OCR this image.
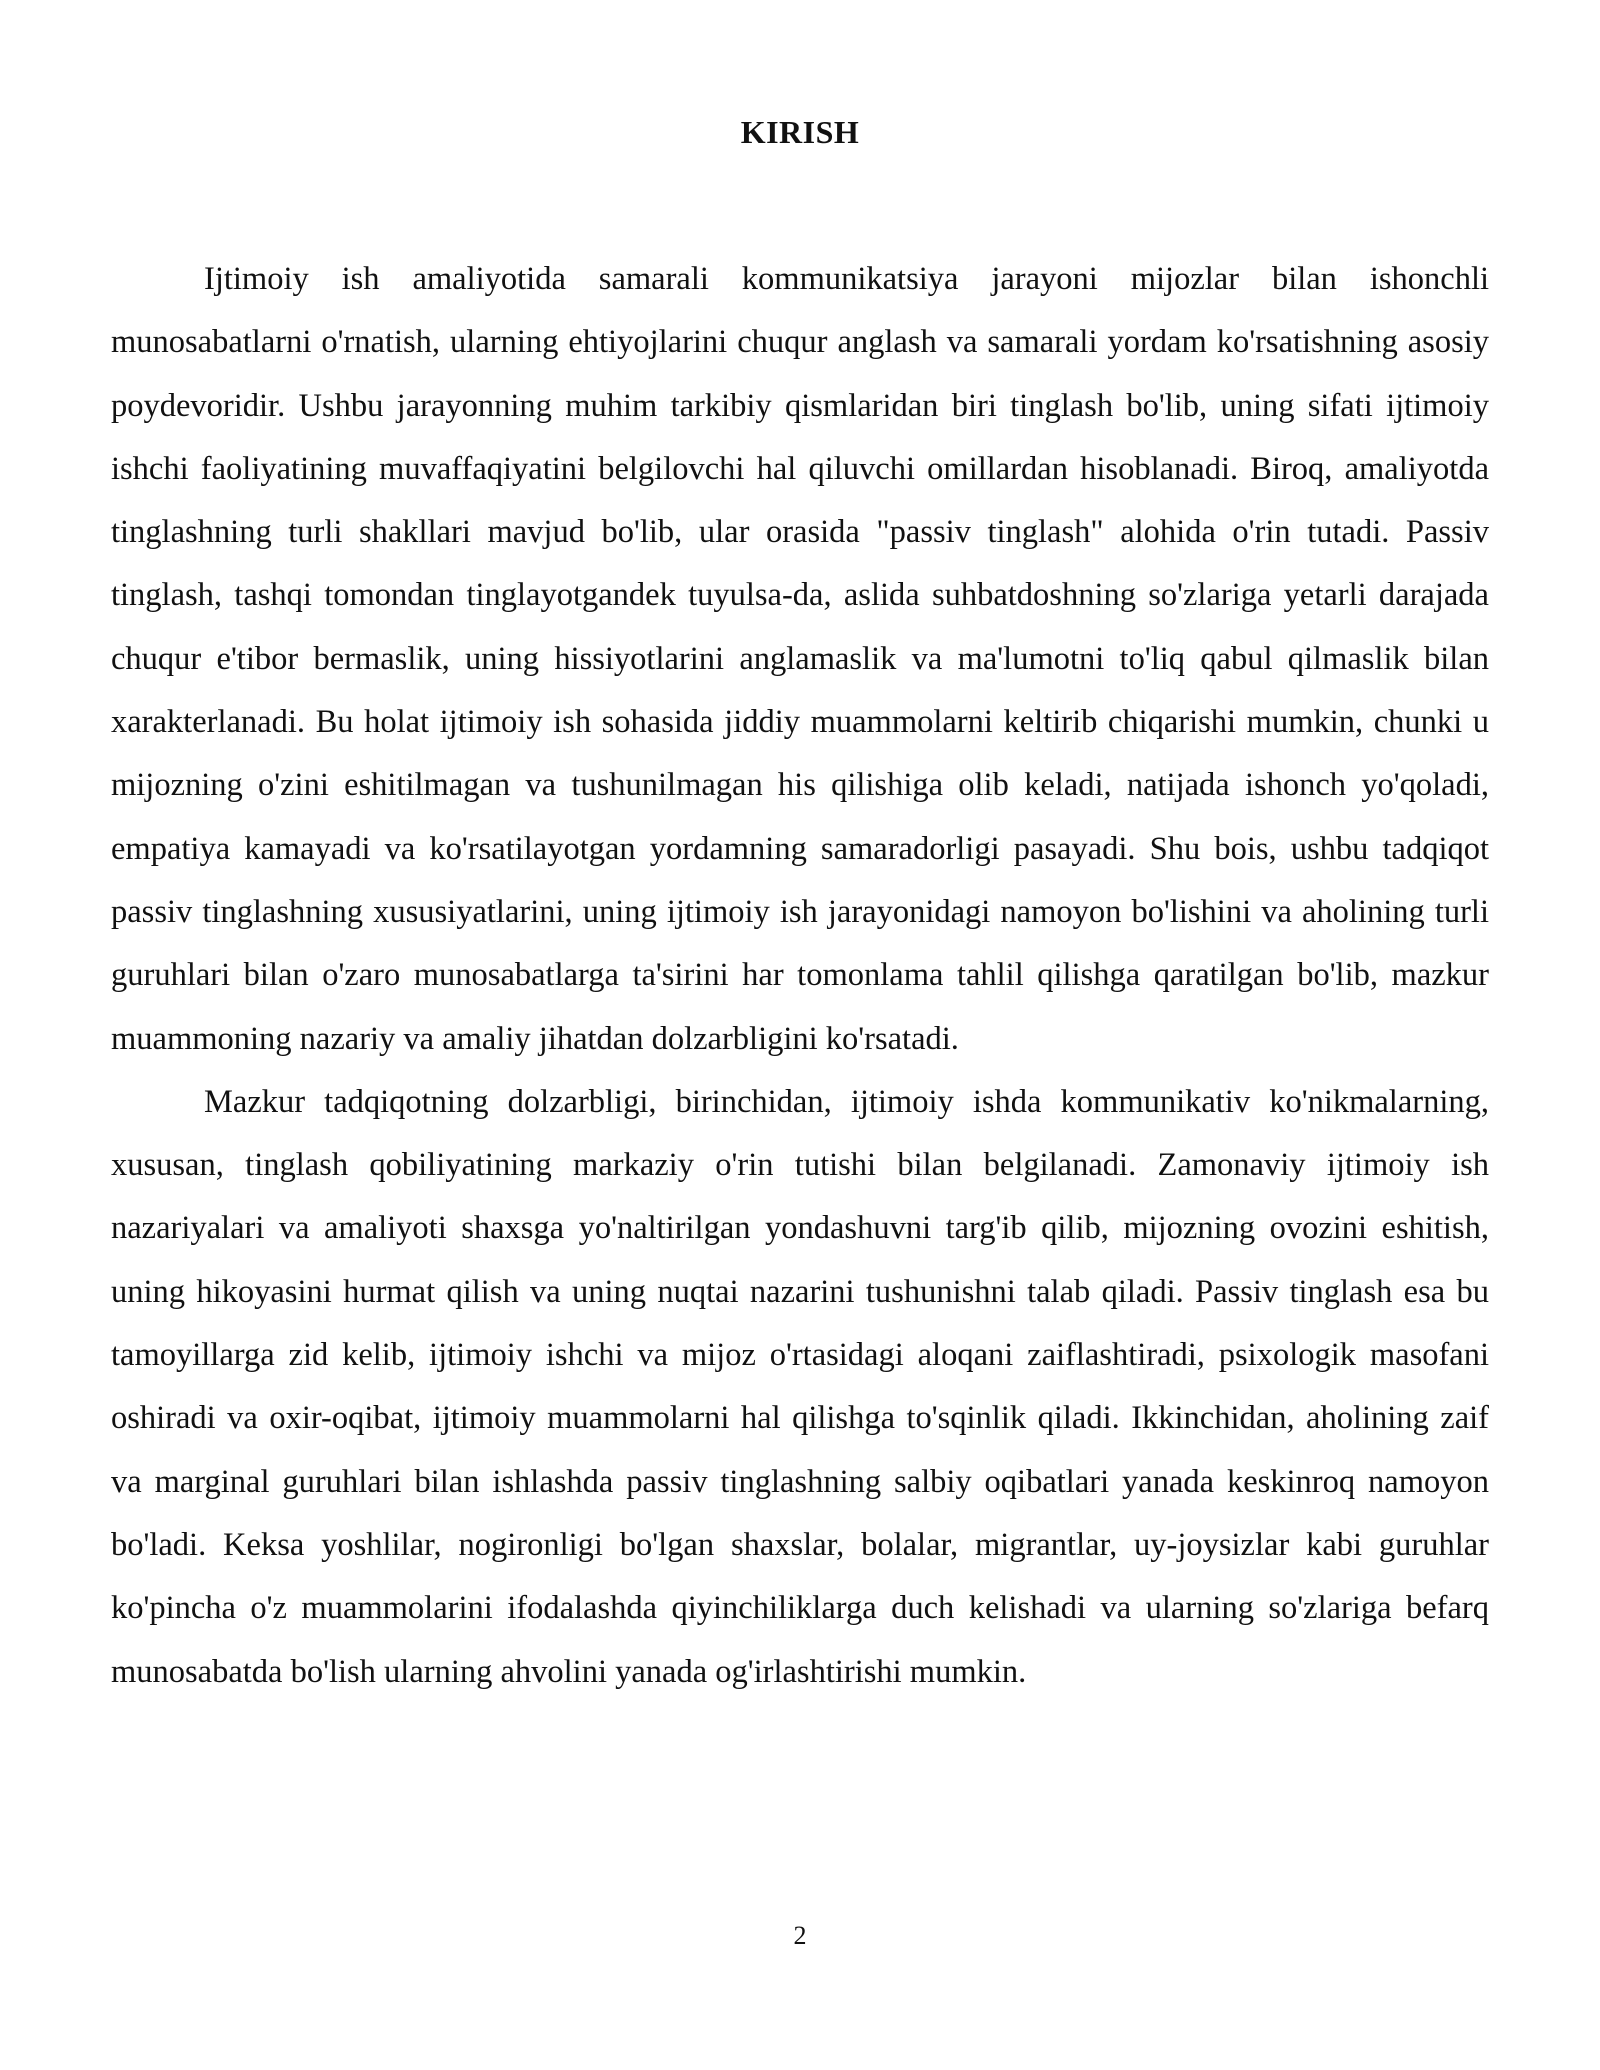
KIRISH

Ijtimoiy ish amaliyotida samarali kommunikatsiya jarayoni mijozlar bilan ishonchli munosabatlarni o'rnatish, ularning ehtiyojlarini chuqur anglash va samarali yordam ko'rsatishning asosiy poydevoridir. Ushbu jarayonning muhim tarkibiy qismlaridan biri tinglash bo'lib, uning sifati ijtimoiy ishchi faoliyatining muvaffaqiyatini belgilovchi hal qiluvchi omillardan hisoblanadi. Biroq, amaliyotda tinglashning turli shakllari mavjud bo'lib, ular orasida "passiv tinglash" alohida o'rin tutadi. Passiv tinglash, tashqi tomondan tinglayotgandek tuyulsa-da, aslida suhbatdoshning so'zlariga yetarli darajada chuqur e'tibor bermaslik, uning hissiyotlarini anglamaslik va ma'lumotni to'liq qabul qilmaslik bilan xarakterlanadi. Bu holat ijtimoiy ish sohasida jiddiy muammolarni keltirib chiqarishi mumkin, chunki u mijozning o'zini eshitilmagan va tushunilmagan his qilishiga olib keladi, natijada ishonch yo'qoladi, empatiya kamayadi va ko'rsatilayotgan yordamning samaradorligi pasayadi. Shu bois, ushbu tadqiqot passiv tinglashning xususiyatlarini, uning ijtimoiy ish jarayonidagi namoyon bo'lishini va aholining turli guruhlari bilan o'zaro munosabatlarga ta'sirini har tomonlama tahlil qilishga qaratilgan bo'lib, mazkur muammoning nazariy va amaliy jihatdan dolzarbligini ko'rsatadi.

Mazkur tadqiqotning dolzarbligi, birinchidan, ijtimoiy ishda kommunikativ ko'nikmalarning, xususan, tinglash qobiliyatining markaziy o'rin tutishi bilan belgilanadi. Zamonaviy ijtimoiy ish nazariyalari va amaliyoti shaxsga yo'naltirilgan yondashuvni targ'ib qilib, mijozning ovozini eshitish, uning hikoyasini hurmat qilish va uning nuqtai nazarini tushunishni talab qiladi. Passiv tinglash esa bu tamoyillarga zid kelib, ijtimoiy ishchi va mijoz o'rtasidagi aloqani zaiflashtiradi, psixologik masofani oshiradi va oxir-oqibat, ijtimoiy muammolarni hal qilishga to'sqinlik qiladi. Ikkinchidan, aholining zaif va marginal guruhlari bilan ishlashda passiv tinglashning salbiy oqibatlari yanada keskinroq namoyon bo'ladi. Keksa yoshlilar, nogironligi bo'lgan shaxslar, bolalar, migrantlar, uy-joysizlar kabi guruhlar ko'pincha o'z muammolarini ifodalashda qiyinchiliklarga duch kelishadi va ularning so'zlariga befarq munosabatda bo'lish ularning ahvolini yanada og'irlashtirishi mumkin.

2
